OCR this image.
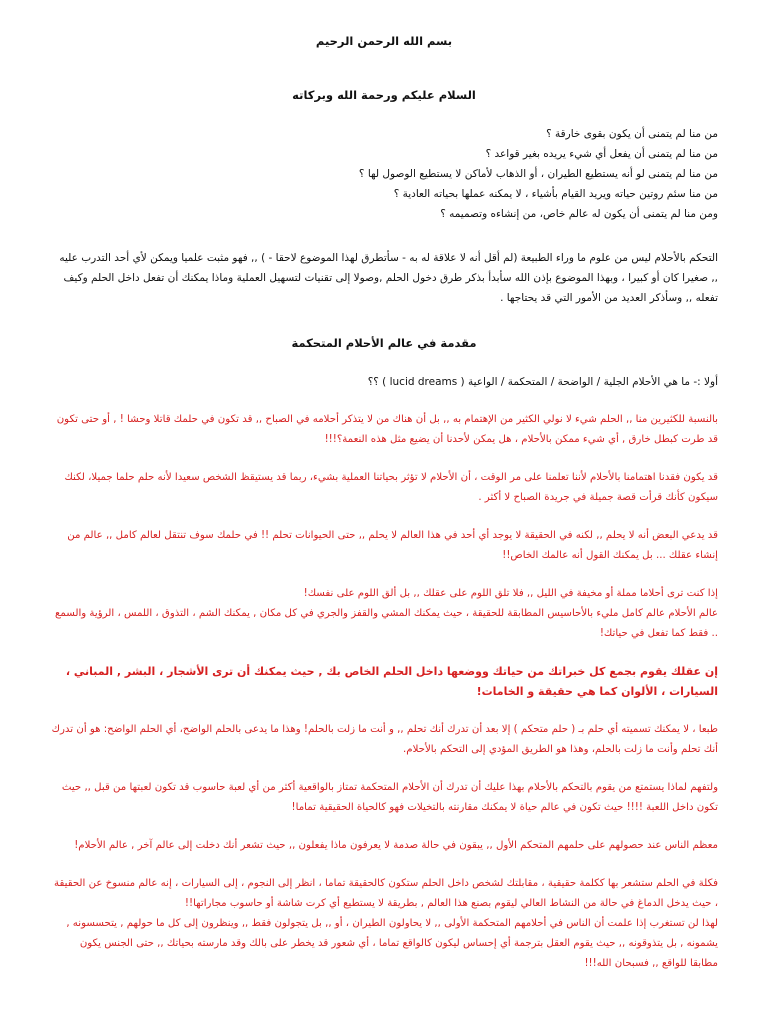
بسم الله الرحمن الرحيم
السلام عليكم ورحمة الله وبركاته
من منا لم يتمنى أن يكون بقوى خارقة ؟
من منا لم يتمنى أن يفعل أي شيء يريده بغير قواعد ؟
من منا لم يتمنى لو أنه يستطيع الطيران ، أو الذهاب لأماكن لا يستطيع الوصول لها ؟
من منا سئم روتين حياته ويريد القيام بأشياء ، لا يمكنه عملها بحياته العادية ؟
ومن منا لم يتمنى أن يكون له عالم خاص، من إنشاءه وتصميمه ؟

التحكم بالأحلام ليس من علوم ما وراء الطبيعة (لم أقل أنه لا علاقة له به - سأتطرق لهذا الموضوع لاحقا - ) ,, فهو مثبت علميا ويمكن لأي أحد التدرب عليه ,, صغيرا كان أو كبيرا ، وبهذا الموضوع بإذن الله سأبدأ بذكر طرق دخول الحلم ,وصولا إلى تقنيات لتسهيل العملية وماذا يمكنك أن تفعل داخل الحلم وكيف تفعله ,, وسأذكر العديد من الأمور التي قد يحتاجها .

مقدمة في عالم الأحلام المتحكمة

أولا :- ما هي الأحلام الجلية / الواضحة / المتحكمة / الواعية ( lucid dreams ) ؟؟

بالنسبة للكثيرين منا ,, الحلم شيء لا نولي الكثير من الإهتمام به ,, بل أن هناك من لا يتذكر أحلامه في الصباح ,, قد تكون في حلمك قاتلا وحشا ! , أو حتى تكون قد طرت كبطل خارق , أي شيء ممكن بالأحلام ، هل يمكن لأحدنا أن يضيع مثل هذه النعمة؟!!!

قد يكون فقدنا اهتمامنا بالأحلام لأننا تعلمنا على مر الوقت ، أن الأحلام لا تؤثر بحياتنا العملية بشيء، ربما قد يستيقظ الشخص سعيدا لأنه حلم حلما جميلا، لكنك سيكون كأنك قرأت قصة جميلة في جريدة الصباح لا أكثر .

قد يدعي البعض أنه لا يحلم ,, لكنه في الحقيقة لا يوجد أي أحد في هذا العالم لا يحلم ,, حتى الحيوانات تحلم !! في حلمك سوف تنتقل لعالم كامل ,, عالم من إنشاء عقلك ... بل يمكنك القول أنه عالمك الخاص!!

إذا كنت ترى أحلاما مملة أو مخيفة في الليل ,, فلا تلق اللوم على عقلك ,, بل ألق اللوم على نفسك!
عالم الأحلام عالم كامل مليء بالأحاسيس المطابقة للحقيقة ، حيث يمكنك المشي والقفز والجري في كل مكان , يمكنك الشم ، التذوق ، اللمس ، الرؤية والسمع .. فقط كما تفعل في حياتك!

إن عقلك يقوم بجمع كل خبراتك من حياتك ووضعها داخل الحلم الخاص بك , حيث يمكنك أن ترى الأشجار ، البشر , المباني ، السيارات ، الألوان كما هي حقيقة و الخامات!

طبعا ، لا يمكنك تسميته أي حلم بـ ( حلم متحكم ) إلا بعد أن تدرك أنك تحلم ,, و أنت ما زلت بالحلم! وهذا ما يدعى بالحلم الواضح، أي الحلم الواضح: هو أن تدرك أنك تحلم وأنت ما زلت بالحلم، وهذا هو الطريق المؤدي إلى التحكم بالأحلام.

ولتفهم لماذا يستمتع من يقوم بالتحكم بالأحلام بهذا عليك أن تدرك أن الأحلام المتحكمة تمتاز بالواقعية أكثر من أي لعبة حاسوب قد تكون لعبتها من قبل ,, حيث تكون داخل اللعبة !!!! حيث تكون في عالم حياة لا يمكنك مقارنته بالتخيلات فهو كالحياة الحقيقية تماما!

معظم الناس عند حصولهم على حلمهم المتحكم الأول ,, يبقون في حالة صدمة لا يعرفون ماذا يفعلون ,, حيث تشعر أنك دخلت إلى عالم آخر , عالم الأحلام!

فكلة في الحلم ستشعر بها ككلمة حقيقية ، مقابلتك لشخص داخل الحلم ستكون كالحقيقة تماما ، انظر إلى النجوم ، إلى السيارات ، إنه عالم منسوخ عن الحقيقة ، حيث يدخل الدماغ في حالة من النشاط العالي ليقوم بصنع هذا العالم , بطريقة لا يستطيع أي كرت شاشة أو حاسوب مجاراتها!!
لهذا لن تستغرب إذا علمت أن الناس في أحلامهم المتحكمة الأولى ,, لا يحاولون الطيران ، أو ,, بل يتجولون فقط ,, وينظرون إلى كل ما حولهم , يتحسسونه , يشمونه , بل يتذوقونه ,, حيث يقوم العقل بترجمة أي إحساس ليكون كالواقع تماما ، أي شعور قد يخطر على بالك وقد مارسته بحياتك ,, حتى الجنس يكون مطابقا للواقع ,, فسبحان الله!!!
